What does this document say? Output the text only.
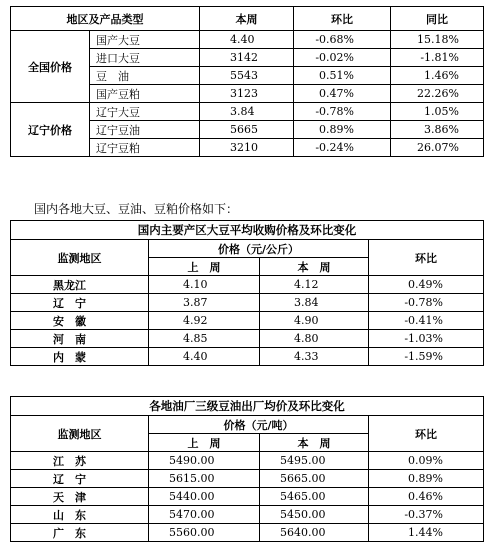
地区及产品类型		本周	环比	同比
全国价格	国产大豆	4.40	-0.68%	15.18%
	进口大豆	3142	-0.02%	-1.81%
	豆　油	5543	0.51%	1.46%
	国产豆粕	3123	0.47%	22.26%
辽宁价格	辽宁大豆	3.84	-0.78%	1.05%
	辽宁豆油	5665	0.89%	3.86%
	辽宁豆粕	3210	-0.24%	26.07%
国内各地大豆、豆油、豆粕价格如下：
国内主要产区大豆平均收购价格及环比变化			
监测地区	价格（元/公斤）		环比
	上　周	本　周	
黑龙江	4.10	4.12	0.49%
辽　宁	3.87	3.84	-0.78%
安　徽	4.92	4.90	-0.41%
河　南	4.85	4.80	-1.03%
内　蒙	4.40	4.33	-1.59%
各地油厂三级豆油出厂均价及环比变化			
监测地区	价格（元/吨）		环比
	上　周	本　周	
江　苏	5490.00	5495.00	0.09%
辽　宁	5615.00	5665.00	0.89%
天　津	5440.00	5465.00	0.46%
山　东	5470.00	5450.00	-0.37%
广　东	5560.00	5640.00	1.44%
